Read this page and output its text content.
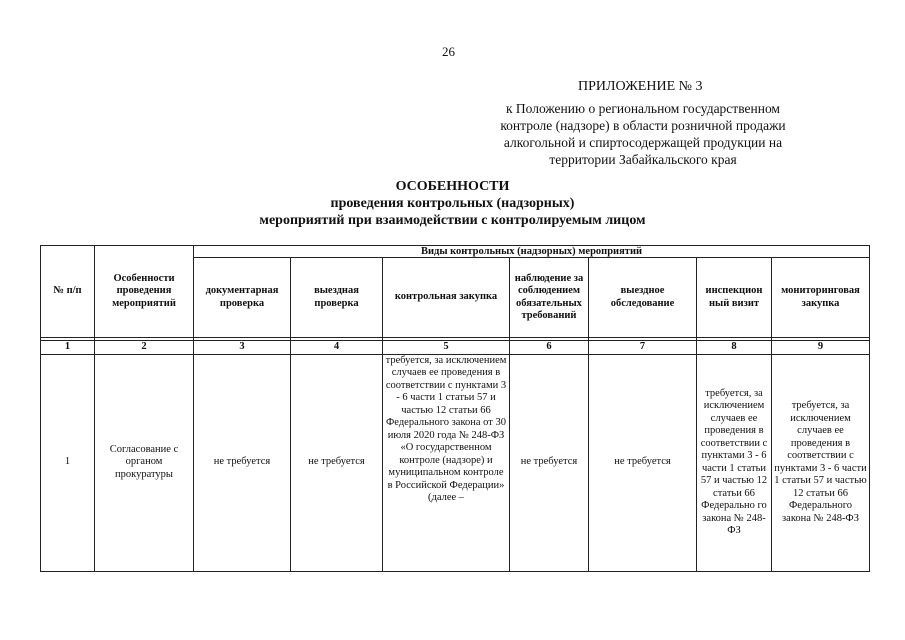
26
ПРИЛОЖЕНИЕ № 3
к Положению о региональном государственном
контроле (надзоре) в области розничной продажи
алкогольной и спиртосодержащей продукции на
территории Забайкальского края
ОСОБЕННОСТИ
проведения контрольных (надзорных)
мероприятий при взаимодействии с контролируемым лицом
№ п/п	Особенности проведения мероприятий	Виды контрольных (надзорных) мероприятий						
		документарная проверка	выездная проверка	контрольная закупка	наблюдение за соблюдением обязательных требований	выездное обследование	инспекцион ный визит	мониторинговая закупка

1	2	3	4	5	6	7	8	9
1	Согласование с органом прокуратуры	не требуется	не требуется	требуется, за исключением случаев ее проведения в соответствии с пунктами 3 - 6 части 1 статьи 57 и частью 12 статьи 66 Федерального закона от 30 июля 2020 года № 248-ФЗ «О государственном контроле (надзоре) и муниципальном контроле в Российской Федерации» (далее –	не требуется	не требуется	требуется, за исключением случаев ее проведения в соответствии с пунктами 3 - 6 части 1 статьи 57 и частью 12 статьи 66 Федерально го закона № 248-ФЗ	требуется, за исключением случаев ее проведения в соответствии с пунктами 3 - 6 части 1 статьи 57 и частью 12 статьи 66 Федерального закона № 248-ФЗ
